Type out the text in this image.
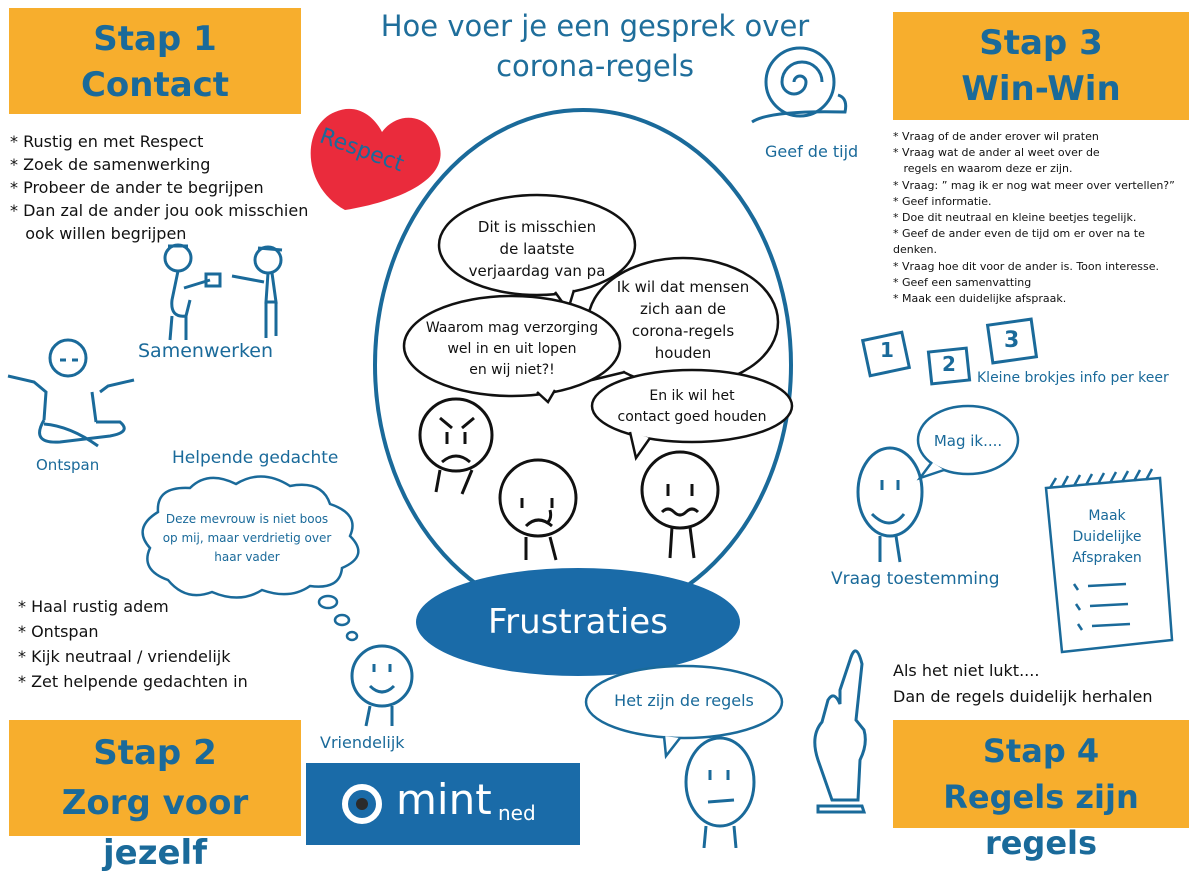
Hoe voer je een gesprek over
corona-regels
Stap 1
Contact
Stap 2
Zorg voor jezelf
Stap 3
Win-Win
Stap 4
Regels zijn regels
* Rustig en met Respect
* Zoek de samenwerking
* Probeer de ander te begrijpen
* Dan zal de ander jou ook misschien
ook willen begrijpen
* Haal rustig adem
* Ontspan
* Kijk neutraal / vriendelijk
* Zet helpende gedachten in
* Vraag of de ander erover wil praten
* Vraag wat de ander al weet over de
regels en waarom deze er zijn.
* Vraag: ” mag ik er nog wat meer over vertellen?”
* Geef informatie.
* Doe dit neutraal en kleine beetjes tegelijk.
* Geef de ander even de tijd om er over na te
denken.
* Vraag hoe dit voor de ander is. Toon interesse.
* Geef een samenvatting
* Maak een duidelijke afspraak.
Respect
Samenwerken
Ontspan	Helpende gedachte
Vriendelijk
Geef de tijd
Kleine brokjes info per keer
Vraag toestemming
1
2
3
Deze mevrouw is niet boos
op mij, maar verdrietig over
haar vader
Dit is misschien
de laatste
verjaardag van pa
Ik wil dat mensen
zich aan de
corona-regels
houden
Waarom mag verzorging
wel in en uit lopen
en wij niet?!
En ik wil het
contact goed houden
Mag ik....
Het zijn de regels
Maak
Duidelijke
Afspraken
Frustraties
Als het niet lukt....
Dan de regels duidelijk herhalen
mint ned
